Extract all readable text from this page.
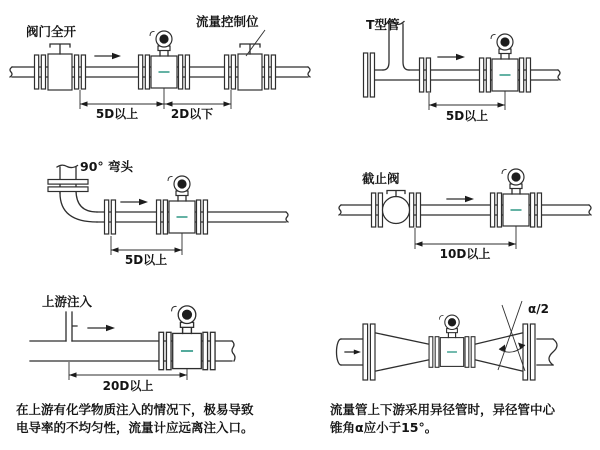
阀门全开
流量控制位
5D以上	2D以下
T型管
5D以上
90° 弯头
5D以上
截止阀
10D以上
上游注入
20D以上
α/2
在上游有化学物质注入的情况下，极易导致
电导率的不均匀性，流量计应远离注入口。
流量管上下游采用异径管时，异径管中心
锥角α应小于15°。
